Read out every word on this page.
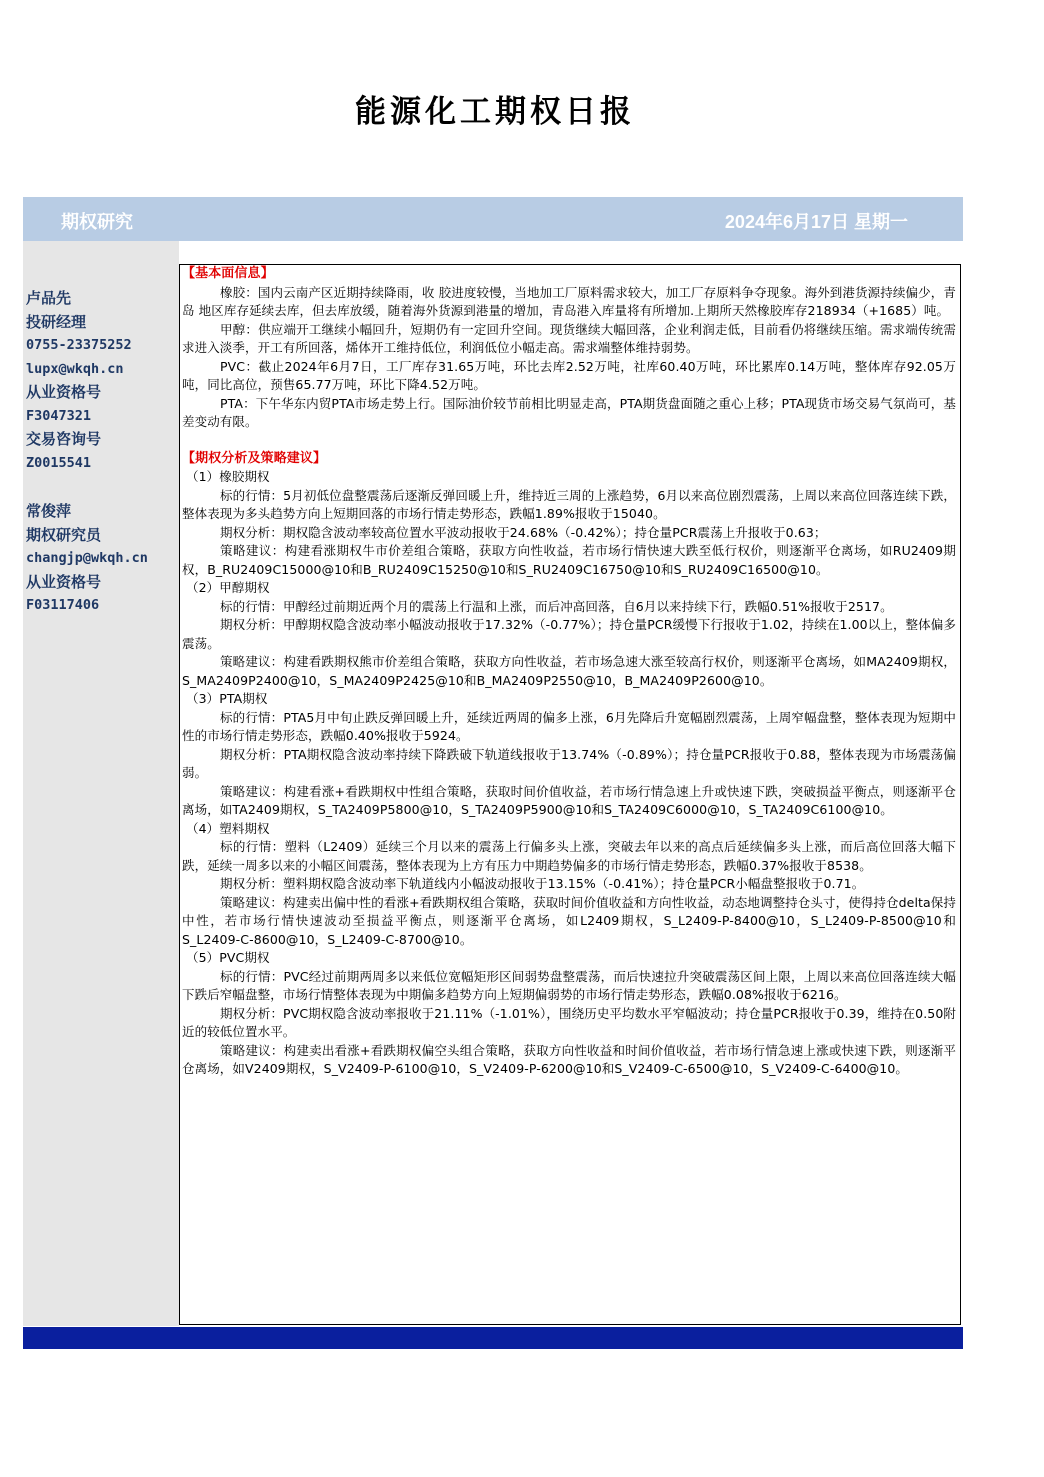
能源化工期权日报
期权研究	2024年6月17日 星期一
卢品先
投研经理
0755-23375252
lupx@wkqh.cn
从业资格号
F3047321
交易咨询号
Z0015541
常俊萍
期权研究员
changjp@wkqh.cn
从业资格号
F03117406

【基本面信息】

橡胶：国内云南产区近期持续降雨，收 胶进度较慢，当地加工厂原料需求较大，加工厂存原料争夺现象。海外到港货源持续偏少，青岛 地区库存延续去库，但去库放缓，随着海外货源到港量的增加，青岛港入库量将有所增加.上期所天然橡胶库存218934（+1685）吨。

甲醇：供应端开工继续小幅回升，短期仍有一定回升空间。现货继续大幅回落，企业利润走低，目前看仍将继续压缩。需求端传统需求进入淡季，开工有所回落，烯体开工维持低位，利润低位小幅走高。需求端整体维持弱势。

PVC：截止2024年6月7日，工厂库存31.65万吨，环比去库2.52万吨，社库60.40万吨，环比累库0.14万吨，整体库存92.05万吨，同比高位，预售65.77万吨，环比下降4.52万吨。

PTA：下午华东内贸PTA市场走势上行。国际油价较节前相比明显走高，PTA期货盘面随之重心上移；PTA现货市场交易气氛尚可，基差变动有限。

【期权分析及策略建议】

（1）橡胶期权

标的行情：5月初低位盘整震荡后逐渐反弹回暖上升，维持近三周的上涨趋势，6月以来高位剧烈震荡，上周以来高位回落连续下跌，整体表现为多头趋势方向上短期回落的市场行情走势形态，跌幅1.89%报收于15040。

期权分析：期权隐含波动率较高位置水平波动报收于24.68%（-0.42%）；持仓量PCR震荡上升报收于0.63；

策略建议：构建看涨期权牛市价差组合策略，获取方向性收益，若市场行情快速大跌至低行权价，则逐渐平仓离场，如RU2409期权，B_RU2409C15000@10和B_RU2409C15250@10和S_RU2409C16750@10和S_RU2409C16500@10。

（2）甲醇期权

标的行情：甲醇经过前期近两个月的震荡上行温和上涨，而后冲高回落，自6月以来持续下行，跌幅0.51%报收于2517。

期权分析：甲醇期权隐含波动率小幅波动报收于17.32%（-0.77%）；持仓量PCR缓慢下行报收于1.02，持续在1.00以上，整体偏多震荡。

策略建议：构建看跌期权熊市价差组合策略，获取方向性收益，若市场急速大涨至较高行权价，则逐渐平仓离场，如MA2409期权，S_MA2409P2400@10，S_MA2409P2425@10和B_MA2409P2550@10，B_MA2409P2600@10。

（3）PTA期权

标的行情：PTA5月中旬止跌反弹回暖上升，延续近两周的偏多上涨，6月先降后升宽幅剧烈震荡，上周窄幅盘整，整体表现为短期中性的市场行情走势形态，跌幅0.40%报收于5924。

期权分析：PTA期权隐含波动率持续下降跌破下轨道线报收于13.74%（-0.89%）；持仓量PCR报收于0.88，整体表现为市场震荡偏弱。

策略建议：构建看涨+看跌期权中性组合策略，获取时间价值收益，若市场行情急速上升或快速下跌，突破损益平衡点，则逐渐平仓离场，如TA2409期权，S_TA2409P5800@10，S_TA2409P5900@10和S_TA2409C6000@10，S_TA2409C6100@10。

（4）塑料期权

标的行情：塑料（L2409）延续三个月以来的震荡上行偏多头上涨，突破去年以来的高点后延续偏多头上涨，而后高位回落大幅下跌，延续一周多以来的小幅区间震荡，整体表现为上方有压力中期趋势偏多的市场行情走势形态，跌幅0.37%报收于8538。

期权分析：塑料期权隐含波动率下轨道线内小幅波动报收于13.15%（-0.41%）；持仓量PCR小幅盘整报收于0.71。

策略建议：构建卖出偏中性的看涨+看跌期权组合策略，获取时间价值收益和方向性收益，动态地调整持仓头寸，使得持仓delta保持中性，若市场行情快速波动至损益平衡点，则逐渐平仓离场，如L2409期权，S_L2409-P-8400@10，S_L2409-P-8500@10和S_L2409-C-8600@10，S_L2409-C-8700@10。

（5）PVC期权

标的行情：PVC经过前期两周多以来低位宽幅矩形区间弱势盘整震荡，而后快速拉升突破震荡区间上限，上周以来高位回落连续大幅下跌后窄幅盘整，市场行情整体表现为中期偏多趋势方向上短期偏弱势的市场行情走势形态，跌幅0.08%报收于6216。

期权分析：PVC期权隐含波动率报收于21.11%（-1.01%），围绕历史平均数水平窄幅波动；持仓量PCR报收于0.39，维持在0.50附近的较低位置水平。

策略建议：构建卖出看涨+看跌期权偏空头组合策略，获取方向性收益和时间价值收益，若市场行情急速上涨或快速下跌，则逐渐平仓离场，如V2409期权，S_V2409-P-6100@10，S_V2409-P-6200@10和S_V2409-C-6500@10，S_V2409-C-6400@10。
